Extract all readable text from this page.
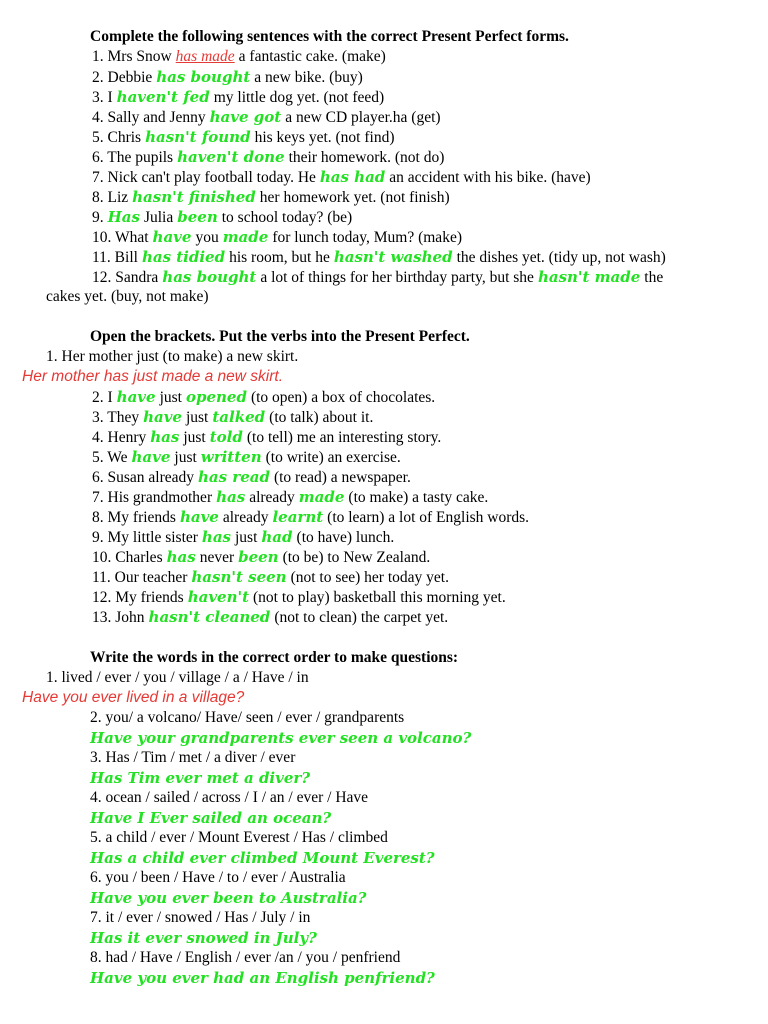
Complete the following sentences with the correct Present Perfect forms.
1. Mrs Snow has made a fantastic cake. (make)
2. Debbie has bought a new bike. (buy)
3. I haven't fed my little dog yet. (not feed)
4. Sally and Jenny have got a new CD player.ha (get)
5. Chris hasn't found his keys yet. (not find)
6. The pupils haven't done their homework. (not do)
7. Nick can't play football today. He has had an accident with his bike. (have)
8. Liz hasn't finished her homework yet. (not finish)
9. Has Julia been to school today? (be)
10. What have you made for lunch today, Mum? (make)
11. Bill has tidied his room, but he hasn't washed the dishes yet. (tidy up, not wash)
12. Sandra has bought a lot of things for her birthday party, but she hasn't made the
cakes yet. (buy, not make)
Open the brackets. Put the verbs into the Present Perfect.
1. Her mother just (to make) a new skirt.
Her mother has just made a new skirt.
2. I have just opened (to open) a box of chocolates.
3. They have just talked (to talk) about it.
4. Henry has just told (to tell) me an interesting story.
5. We have just written (to write) an exercise.
6. Susan already has read (to read) a newspaper.
7. His grandmother has already made (to make) a tasty cake.
8. My friends have already learnt (to learn) a lot of English words.
9. My little sister has just had (to have) lunch.
10. Charles has never been (to be) to New Zealand.
11. Our teacher hasn't seen (not to see) her today yet.
12. My friends haven't (not to play) basketball this morning yet.
13. John hasn't cleaned (not to clean) the carpet yet.
Write the words in the correct order to make questions:
1. lived / ever / you / village / a / Have / in
Have you ever lived in a village?
2. you/ a volcano/ Have/ seen / ever / grandparents
Have your grandparents ever seen a volcano?
3. Has / Tim / met / a diver / ever
Has Tim ever met a diver?
4. ocean / sailed / across / I / an / ever / Have
Have I Ever sailed an ocean?
5. a child / ever / Mount Everest / Has / climbed
Has a child ever climbed Mount Everest?
6. you / been / Have / to / ever / Australia
Have you ever been to Australia?
7. it / ever / snowed / Has / July / in
Has it ever snowed in July?
8. had / Have / English / ever /an / you / penfriend
Have you ever had an English penfriend?
